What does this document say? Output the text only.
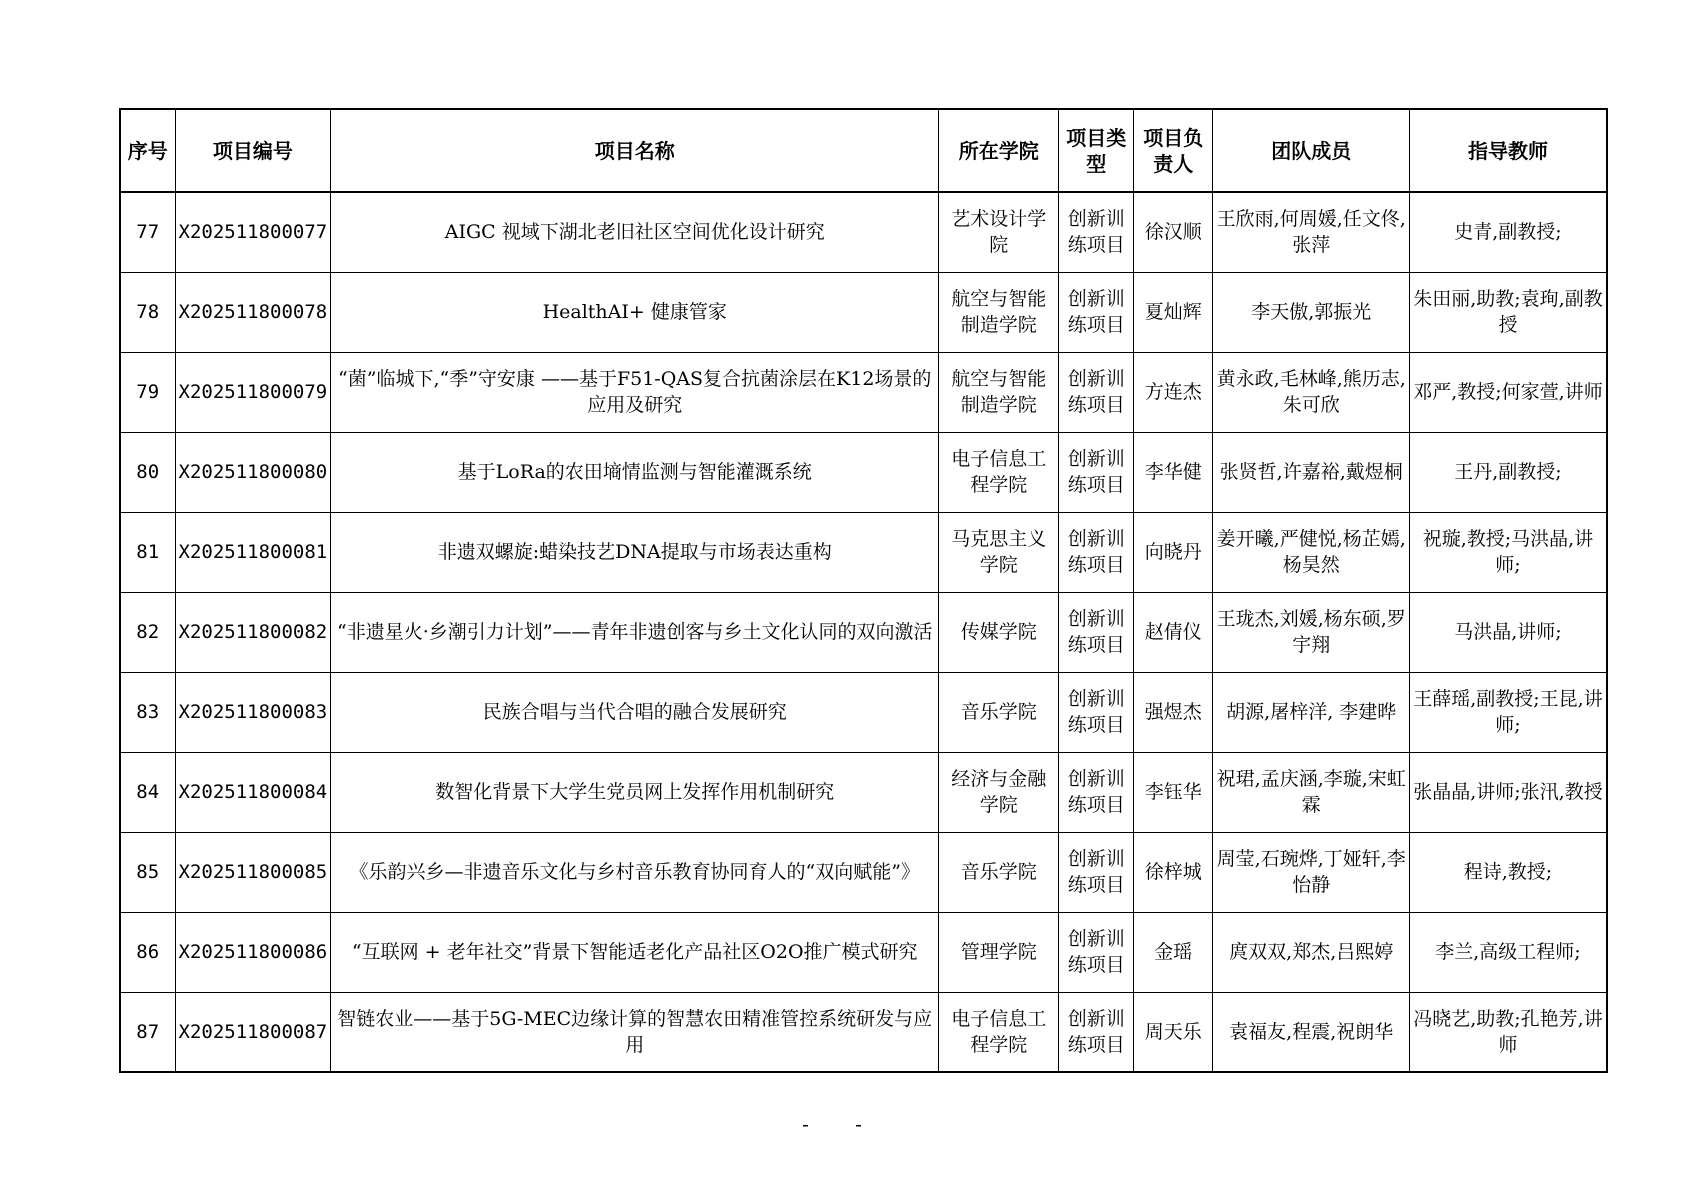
序号	项目编号	项目名称	所在学院	项目类型	项目负责人	团队成员	指导教师
77	X202511800077	AIGC 视域下湖北老旧社区空间优化设计研究	艺术设计学院	创新训练项目	徐汉顺	王欣雨,何周媛,任文佟,张萍	史青,副教授;
78	X202511800078	HealthAI+ 健康管家	航空与智能制造学院	创新训练项目	夏灿辉	李天傲,郭振光	朱田丽,助教;袁珣,副教授
79	X202511800079	“菌”临城下,“季”守安康 ——基于F51-QAS复合抗菌涂层在K12场景的应用及研究	航空与智能制造学院	创新训练项目	方连杰	黄永政,毛林峰,熊历志,朱可欣	邓严,教授;何家萱,讲师
80	X202511800080	基于LoRa的农田墒情监测与智能灌溉系统	电子信息工程学院	创新训练项目	李华健	张贤哲,许嘉裕,戴煜桐	王丹,副教授;
81	X202511800081	非遗双螺旋:蜡染技艺DNA提取与市场表达重构	马克思主义学院	创新训练项目	向晓丹	姜开曦,严健悦,杨芷嫣,杨昊然	祝璇,教授;马洪晶,讲师;
82	X202511800082	“非遗星火·乡潮引力计划”——青年非遗创客与乡土文化认同的双向激活	传媒学院	创新训练项目	赵倩仪	王珑杰,刘媛,杨东硕,罗宇翔	马洪晶,讲师;
83	X202511800083	民族合唱与当代合唱的融合发展研究	音乐学院	创新训练项目	强煜杰	胡源,屠梓洋, 李建晔	王薛瑶,副教授;王昆,讲师;
84	X202511800084	数智化背景下大学生党员网上发挥作用机制研究	经济与金融学院	创新训练项目	李钰华	祝珺,孟庆涵,李璇,宋虹霖	张晶晶,讲师;张汛,教授
85	X202511800085	《乐韵兴乡—非遗音乐文化与乡村音乐教育协同育人的“双向赋能”》	音乐学院	创新训练项目	徐梓城	周莹,石琬烨,丁娅轩,李怡静	程诗,教授;
86	X202511800086	“互联网 + 老年社交”背景下智能适老化产品社区O2O推广模式研究	管理学院	创新训练项目	金瑶	庹双双,郑杰,吕熙婷	李兰,高级工程师;
87	X202511800087	智链农业——基于5G-MEC边缘计算的智慧农田精准管控系统研发与应用	电子信息工程学院	创新训练项目	周天乐	袁福友,程震,祝朗华	冯晓艺,助教;孔艳芳,讲师
- -
